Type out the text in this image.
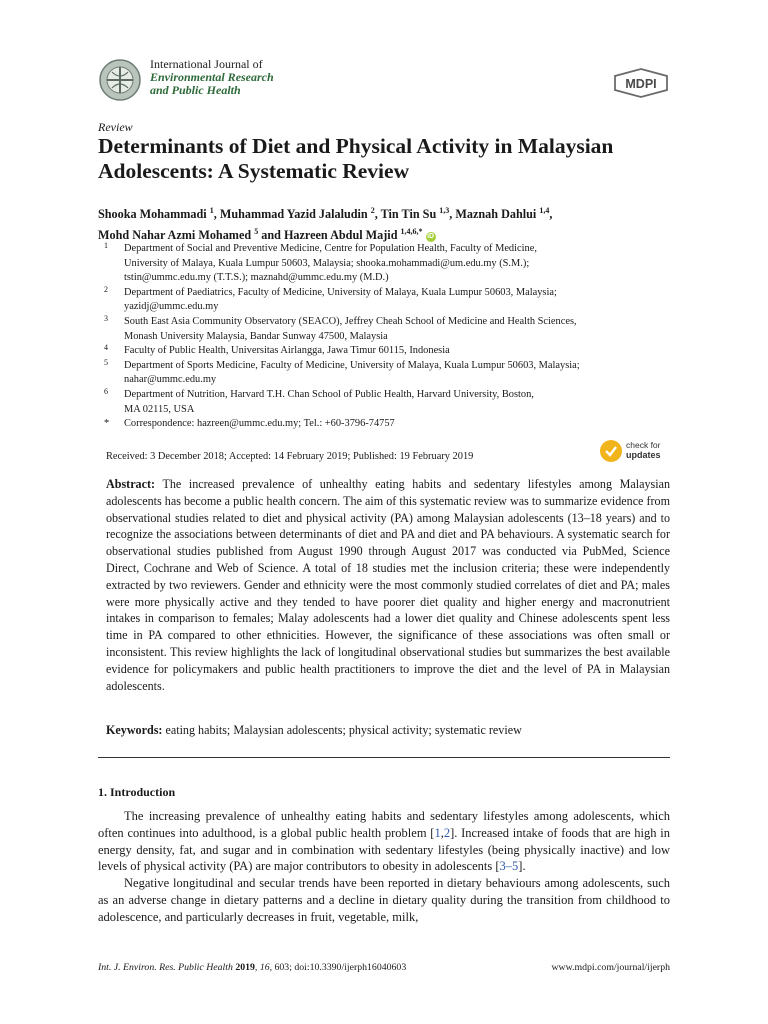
International Journal of
Environmental Research
and Public Health	MDPI
Review
Determinants of Diet and Physical Activity in Malaysian Adolescents: A Systematic Review
Shooka Mohammadi $^1$, Muhammad Yazid Jalaludin $^2$, Tin Tin Su $^{1,3}$, Maznah Dahlui $^{1,4}$,
Mohd Nahar Azmi Mohamed $^5$ and Hazreen Abdul Majid $^{1,4,6,*}$ iD
1 Department of Social and Preventive Medicine, Centre for Population Health, Faculty of Medicine,
University of Malaya, Kuala Lumpur 50603, Malaysia; shooka.mohammadi@um.edu.my (S.M.);
tstin@ummc.edu.my (T.T.S.); maznahd@ummc.edu.my (M.D.)
2 Department of Paediatrics, Faculty of Medicine, University of Malaya, Kuala Lumpur 50603, Malaysia;
yazidj@ummc.edu.my
3 South East Asia Community Observatory (SEACO), Jeffrey Cheah School of Medicine and Health Sciences,
Monash University Malaysia, Bandar Sunway 47500, Malaysia
4 Faculty of Public Health, Universitas Airlangga, Jawa Timur 60115, Indonesia
5 Department of Sports Medicine, Faculty of Medicine, University of Malaya, Kuala Lumpur 50603, Malaysia;
nahar@ummc.edu.my
6 Department of Nutrition, Harvard T.H. Chan School of Public Health, Harvard University, Boston,
MA 02115, USA
* Correspondence: hazreen@ummc.edu.my; Tel.: +60-3796-74757
Received: 3 December 2018; Accepted: 14 February 2019; Published: 19 February 2019
check for
updates

Abstract: The increased prevalence of unhealthy eating habits and sedentary lifestyles among Malaysian adolescents has become a public health concern. The aim of this systematic review was to summarize evidence from observational studies related to diet and physical activity (PA) among Malaysian adolescents (13–18 years) and to recognize the associations between determinants of diet and PA and diet and PA behaviours. A systematic search for observational studies published from August 1990 through August 2017 was conducted via PubMed, Science Direct, Cochrane and Web of Science. A total of 18 studies met the inclusion criteria; these were independently extracted by two reviewers. Gender and ethnicity were the most commonly studied correlates of diet and PA; males were more physically active and they tended to have poorer diet quality and higher energy and macronutrient intakes in comparison to females; Malay adolescents had a lower diet quality and Chinese adolescents spent less time in PA compared to other ethnicities. However, the significance of these associations was often small or inconsistent. This review highlights the lack of longitudinal observational studies but summarizes the best available evidence for policymakers and public health practitioners to improve the diet and the level of PA in Malaysian adolescents.

Keywords: eating habits; Malaysian adolescents; physical activity; systematic review
1. Introduction

The increasing prevalence of unhealthy eating habits and sedentary lifestyles among adolescents, which often continues into adulthood, is a global public health problem [1,2]. Increased intake of foods that are high in energy density, fat, and sugar and in combination with sedentary lifestyles (being physically inactive) and low levels of physical activity (PA) are major contributors to obesity in adolescents [3–5].

Negative longitudinal and secular trends have been reported in dietary behaviours among adolescents, such as an adverse change in dietary patterns and a decline in dietary quality during the transition from childhood to adolescence, and particularly decreases in fruit, vegetable, milk,

Int. J. Environ. Res. Public Health 2019, 16, 603; doi:10.3390/ijerph16040603	www.mdpi.com/journal/ijerph
